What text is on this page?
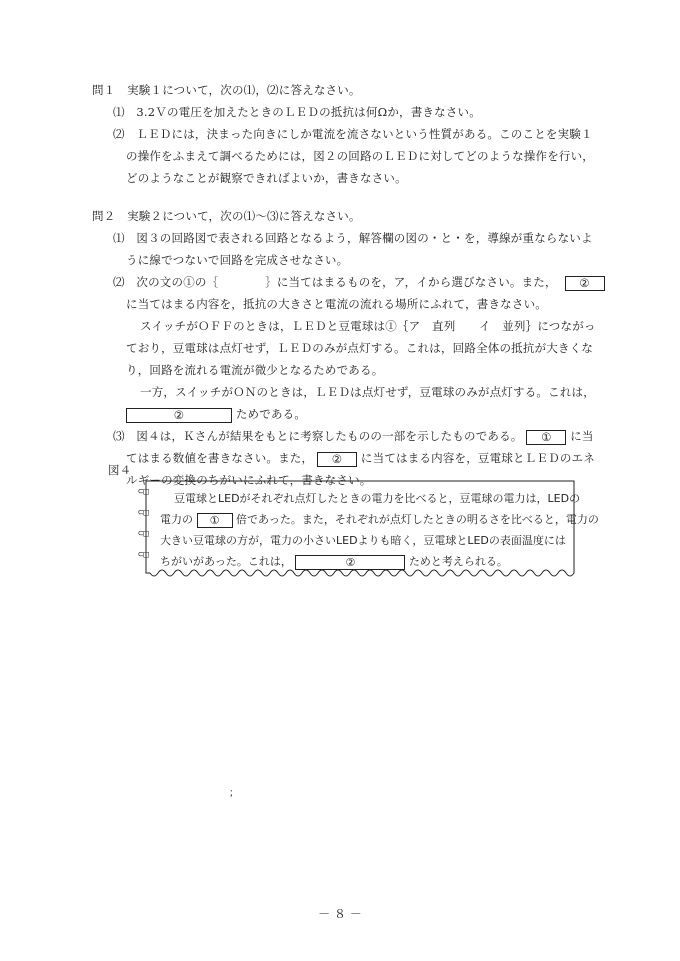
問１　実験１について，次の⑴，⑵に答えなさい。
⑴　3.2Ｖの電圧を加えたときのＬＥＤの抵抗は何Ωか，書きなさい。
⑵　ＬＥＤには，決まった向きにしか電流を流さないという性質がある。このことを実験１
の操作をふまえて調べるためには，図２の回路のＬＥＤに対してどのような操作を行い，
どのようなことが観察できればよいか，書きなさい。
問２　実験２について，次の⑴～⑶に答えなさい。
⑴　図３の回路図で表される回路となるよう，解答欄の図の・と・を，導線が重ならないよ
うに線でつないで回路を完成させなさい。
⑵　次の文の①の｛　　　　｝に当てはまるものを，ア，イから選びなさい。また， ②
に当てはまる内容を，抵抗の大きさと電流の流れる場所にふれて，書きなさい。
スイッチがＯＦＦのときは，ＬＥＤと豆電球は①｛ア　直列　　イ　並列｝につながっ
ており，豆電球は点灯せず，ＬＥＤのみが点灯する。これは，回路全体の抵抗が大きくな
り，回路を流れる電流が微少となるためである。
一方，スイッチがＯＮのときは，ＬＥＤは点灯せず，豆電球のみが点灯する。これは，
②	ためである。
⑶　図４は，Ｋさんが結果をもとに考察したものの一部を示したものである。 ① に当
てはまる数値を書きなさい。また， ② に当てはまる内容を，豆電球とＬＥＤのエネ
ルギーの変換のちがいにふれて，書きなさい。
図４
⊂□
⊂□
⊂□
⊂□
豆電球とLEDがそれぞれ点灯したときの電力を比べると，豆電球の電力は，LEDの
電力の ① 倍であった。また，それぞれが点灯したときの明るさを比べると，電力の
大きい豆電球の方が，電力の小さいLEDよりも暗く，豆電球とLEDの表面温度には
ちがいがあった。これは，	②	ためと考えられる。
；
－ ８ －
